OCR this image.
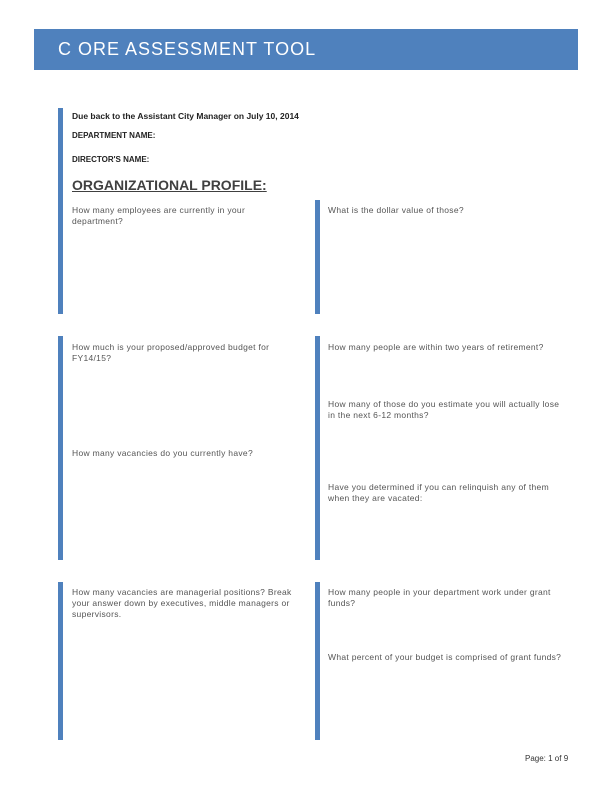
C ORE ASSESSMENT TOOL
Due back to the Assistant City Manager on July 10, 2014
DEPARTMENT NAME:
DIRECTOR'S NAME:
ORGANIZATIONAL PROFILE:
How many employees are currently in your department?
What is the dollar value of those?
How much is your proposed/approved budget for FY14/15?
How many people are within two years of retirement?
How many of those do you estimate you will actually lose in the next 6-12 months?
How many vacancies do you currently have?
Have you determined if you can relinquish any of them when they are vacated:
How many vacancies are managerial positions? Break your answer down by executives, middle managers or supervisors.
How many people in your department work under grant funds?
What percent of your budget is comprised of grant funds?
Page: 1 of 9
